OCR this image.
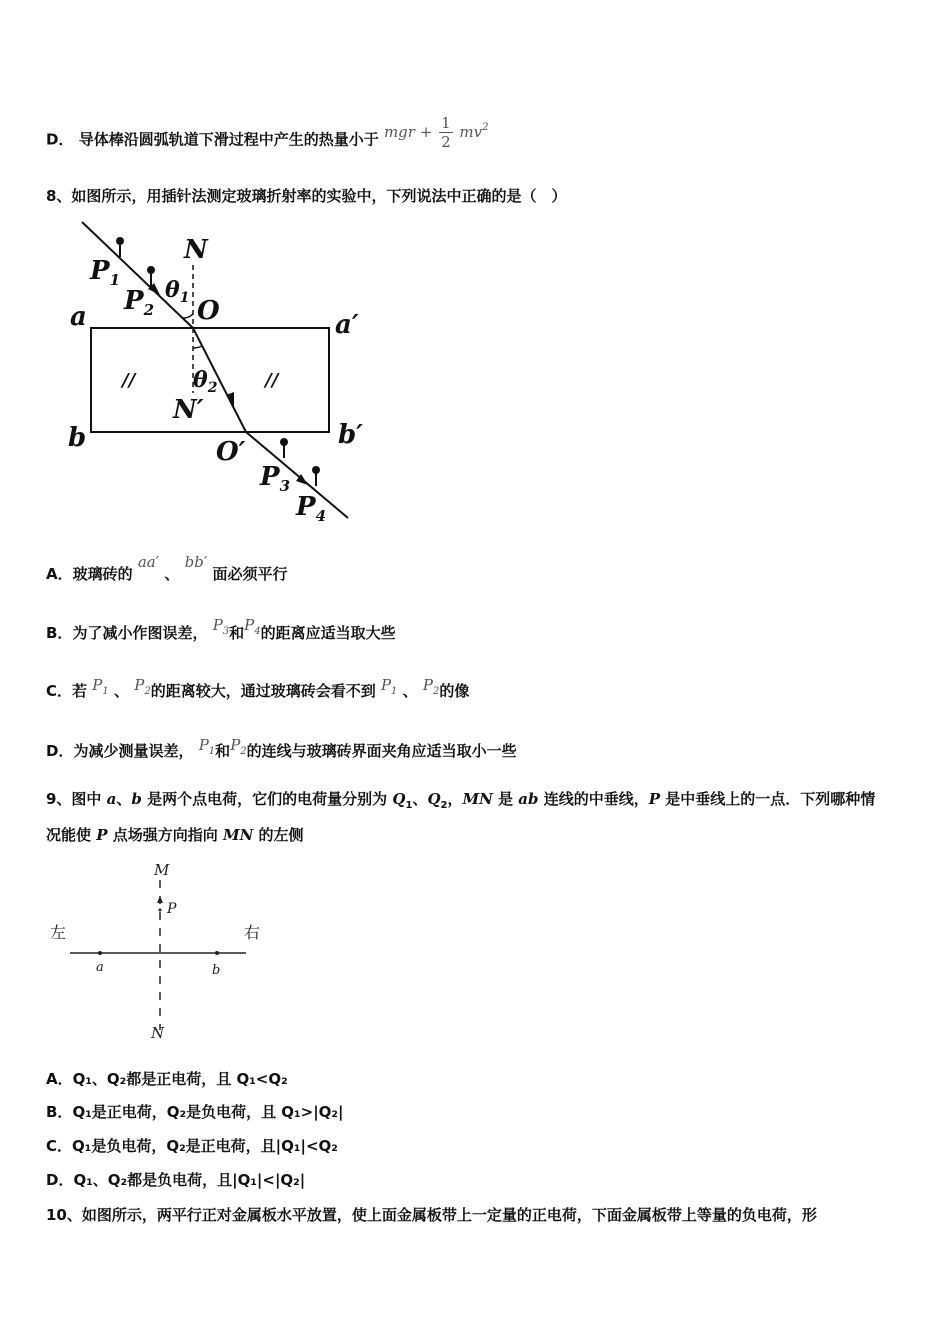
D． 导体棒沿圆弧轨道下滑过程中产生的热量小于 mgr + $\frac{1}{2} mv^2$
8、如图所示，用插针法测定玻璃折射率的实验中，下列说法中正确的是（　）
N
$P_1$
$P_2$
$\theta_1$ O
a	a′
$\theta_2$
N′
b	b′
O′
$P_3$
$P_4$
//	//
A．玻璃砖的 aa′ 、 bb′ 面必须平行
B．为了减小作图误差， $P_3$和$P_4$的距离应适当取大些
C．若 $P_1$ 、 $P_2$的距离较大，通过玻璃砖会看不到 $P_1$ 、 $P_2$的像
D．为减少测量误差， $P_1$和$P_2$的连线与玻璃砖界面夹角应适当取小一些
9、图中 a、b 是两个点电荷，它们的电荷量分别为 $Q_1$、$Q_2$，MN 是 ab 连线的中垂线，P 是中垂线上的一点．下列哪种情
况能使 P 点场强方向指向 MN 的左侧
M
P
a	b
N
左	右
A．Q₁、Q₂都是正电荷，且 Q₁<Q₂
B．Q₁是正电荷，Q₂是负电荷，且 Q₁>|Q₂|
C．Q₁是负电荷，Q₂是正电荷，且|Q₁|<Q₂
D．Q₁、Q₂都是负电荷，且|Q₁|<|Q₂|
10、如图所示，两平行正对金属板水平放置，使上面金属板带上一定量的正电荷，下面金属板带上等量的负电荷，形
